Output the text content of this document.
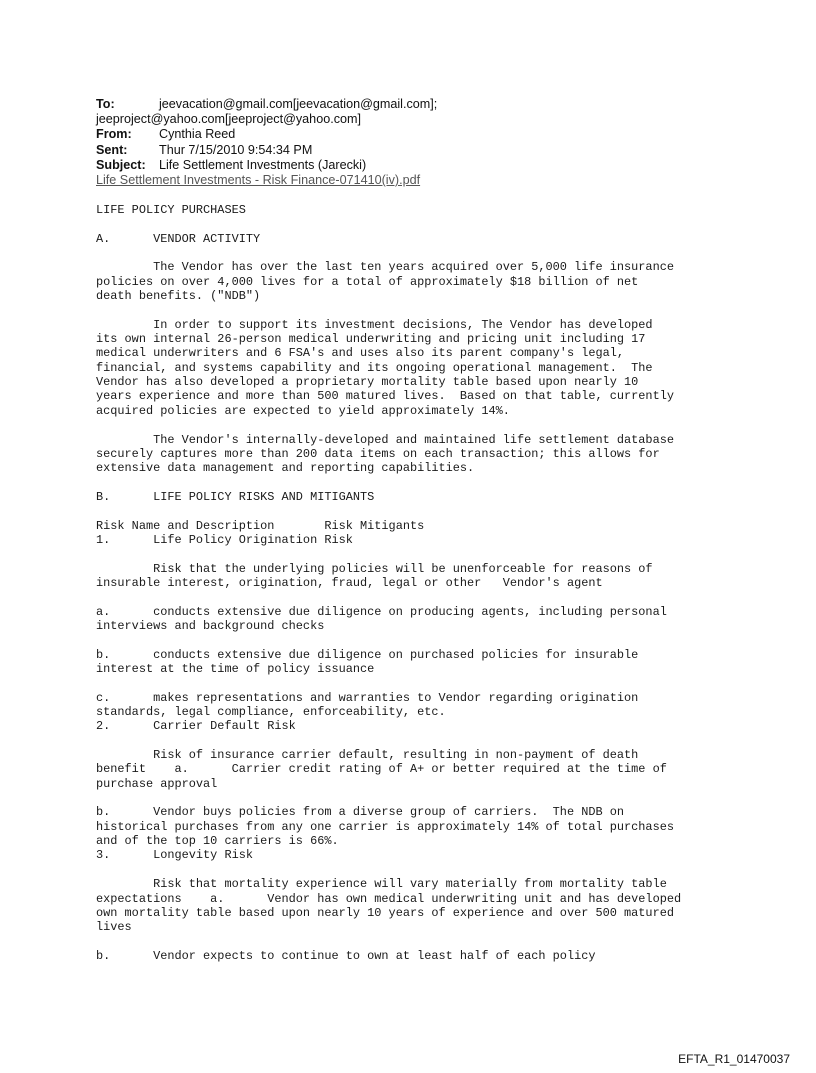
To:	jeevacation@gmail.com[jeevacation@gmail.com];
jeeproject@yahoo.com[jeeproject@yahoo.com]
From: Cynthia Reed
Sent:	Thur 7/15/2010 9:54:34 PM
Subject: Life Settlement Investments (Jarecki)
Life Settlement Investments - Risk Finance-071410(iv).pdf
LIFE POLICY PURCHASES

A.      VENDOR ACTIVITY

The Vendor has over the last ten years acquired over 5,000 life insurance
policies on over 4,000 lives for a total of approximately $18 billion of net
death benefits. ("NDB")

In order to support its investment decisions, The Vendor has developed
its own internal 26-person medical underwriting and pricing unit including 17
medical underwriters and 6 FSA's and uses also its parent company's legal,
financial, and systems capability and its ongoing operational management.  The
Vendor has also developed a proprietary mortality table based upon nearly 10
years experience and more than 500 matured lives.  Based on that table, currently
acquired policies are expected to yield approximately 14%.

The Vendor's internally-developed and maintained life settlement database
securely captures more than 200 data items on each transaction; this allows for
extensive data management and reporting capabilities.

B.      LIFE POLICY RISKS AND MITIGANTS

Risk Name and Description       Risk Mitigants
1.      Life Policy Origination Risk

Risk that the underlying policies will be unenforceable for reasons of
insurable interest, origination, fraud, legal or other   Vendor's agent

a.      conducts extensive due diligence on producing agents, including personal
interviews and background checks

b.      conducts extensive due diligence on purchased policies for insurable
interest at the time of policy issuance

c.      makes representations and warranties to Vendor regarding origination
standards, legal compliance, enforceability, etc.
2.      Carrier Default Risk

Risk of insurance carrier default, resulting in non-payment of death
benefit    a.      Carrier credit rating of A+ or better required at the time of
purchase approval

b.      Vendor buys policies from a diverse group of carriers.  The NDB on
historical purchases from any one carrier is approximately 14% of total purchases
and of the top 10 carriers is 66%.
3.      Longevity Risk

Risk that mortality experience will vary materially from mortality table
expectations    a.      Vendor has own medical underwriting unit and has developed
own mortality table based upon nearly 10 years of experience and over 500 matured
lives

b.      Vendor expects to continue to own at least half of each policy
EFTA_R1_01470037
